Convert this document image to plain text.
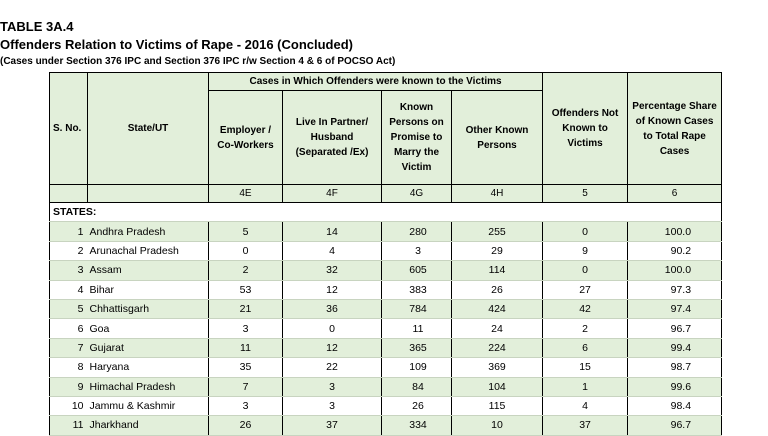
TABLE 3A.4
Offenders Relation to Victims of Rape - 2016 (Concluded)
(Cases under Section 376 IPC and Section 376 IPC r/w Section 4 & 6 of POCSO Act)
S. No.	State/UT	Cases in Which Offenders were known to the Victims				Offenders Not Known to Victims	Percentage Share of Known Cases to Total Rape Cases
		Employer / Co-Workers	Live In Partner/ Husband (Separated /Ex)	Known Persons on Promise to Marry the Victim	Other Known Persons		
		4E	4F	4G	4H	5	6
STATES:							
1	Andhra Pradesh	5	14	280	255	0	100.0
2	Arunachal Pradesh	0	4	3	29	9	90.2
3	Assam	2	32	605	114	0	100.0
4	Bihar	53	12	383	26	27	97.3
5	Chhattisgarh	21	36	784	424	42	97.4
6	Goa	3	0	11	24	2	96.7
7	Gujarat	11	12	365	224	6	99.4
8	Haryana	35	22	109	369	15	98.7
9	Himachal Pradesh	7	3	84	104	1	99.6
10	Jammu & Kashmir	3	3	26	115	4	98.4
11	Jharkhand	26	37	334	10	37	96.7
